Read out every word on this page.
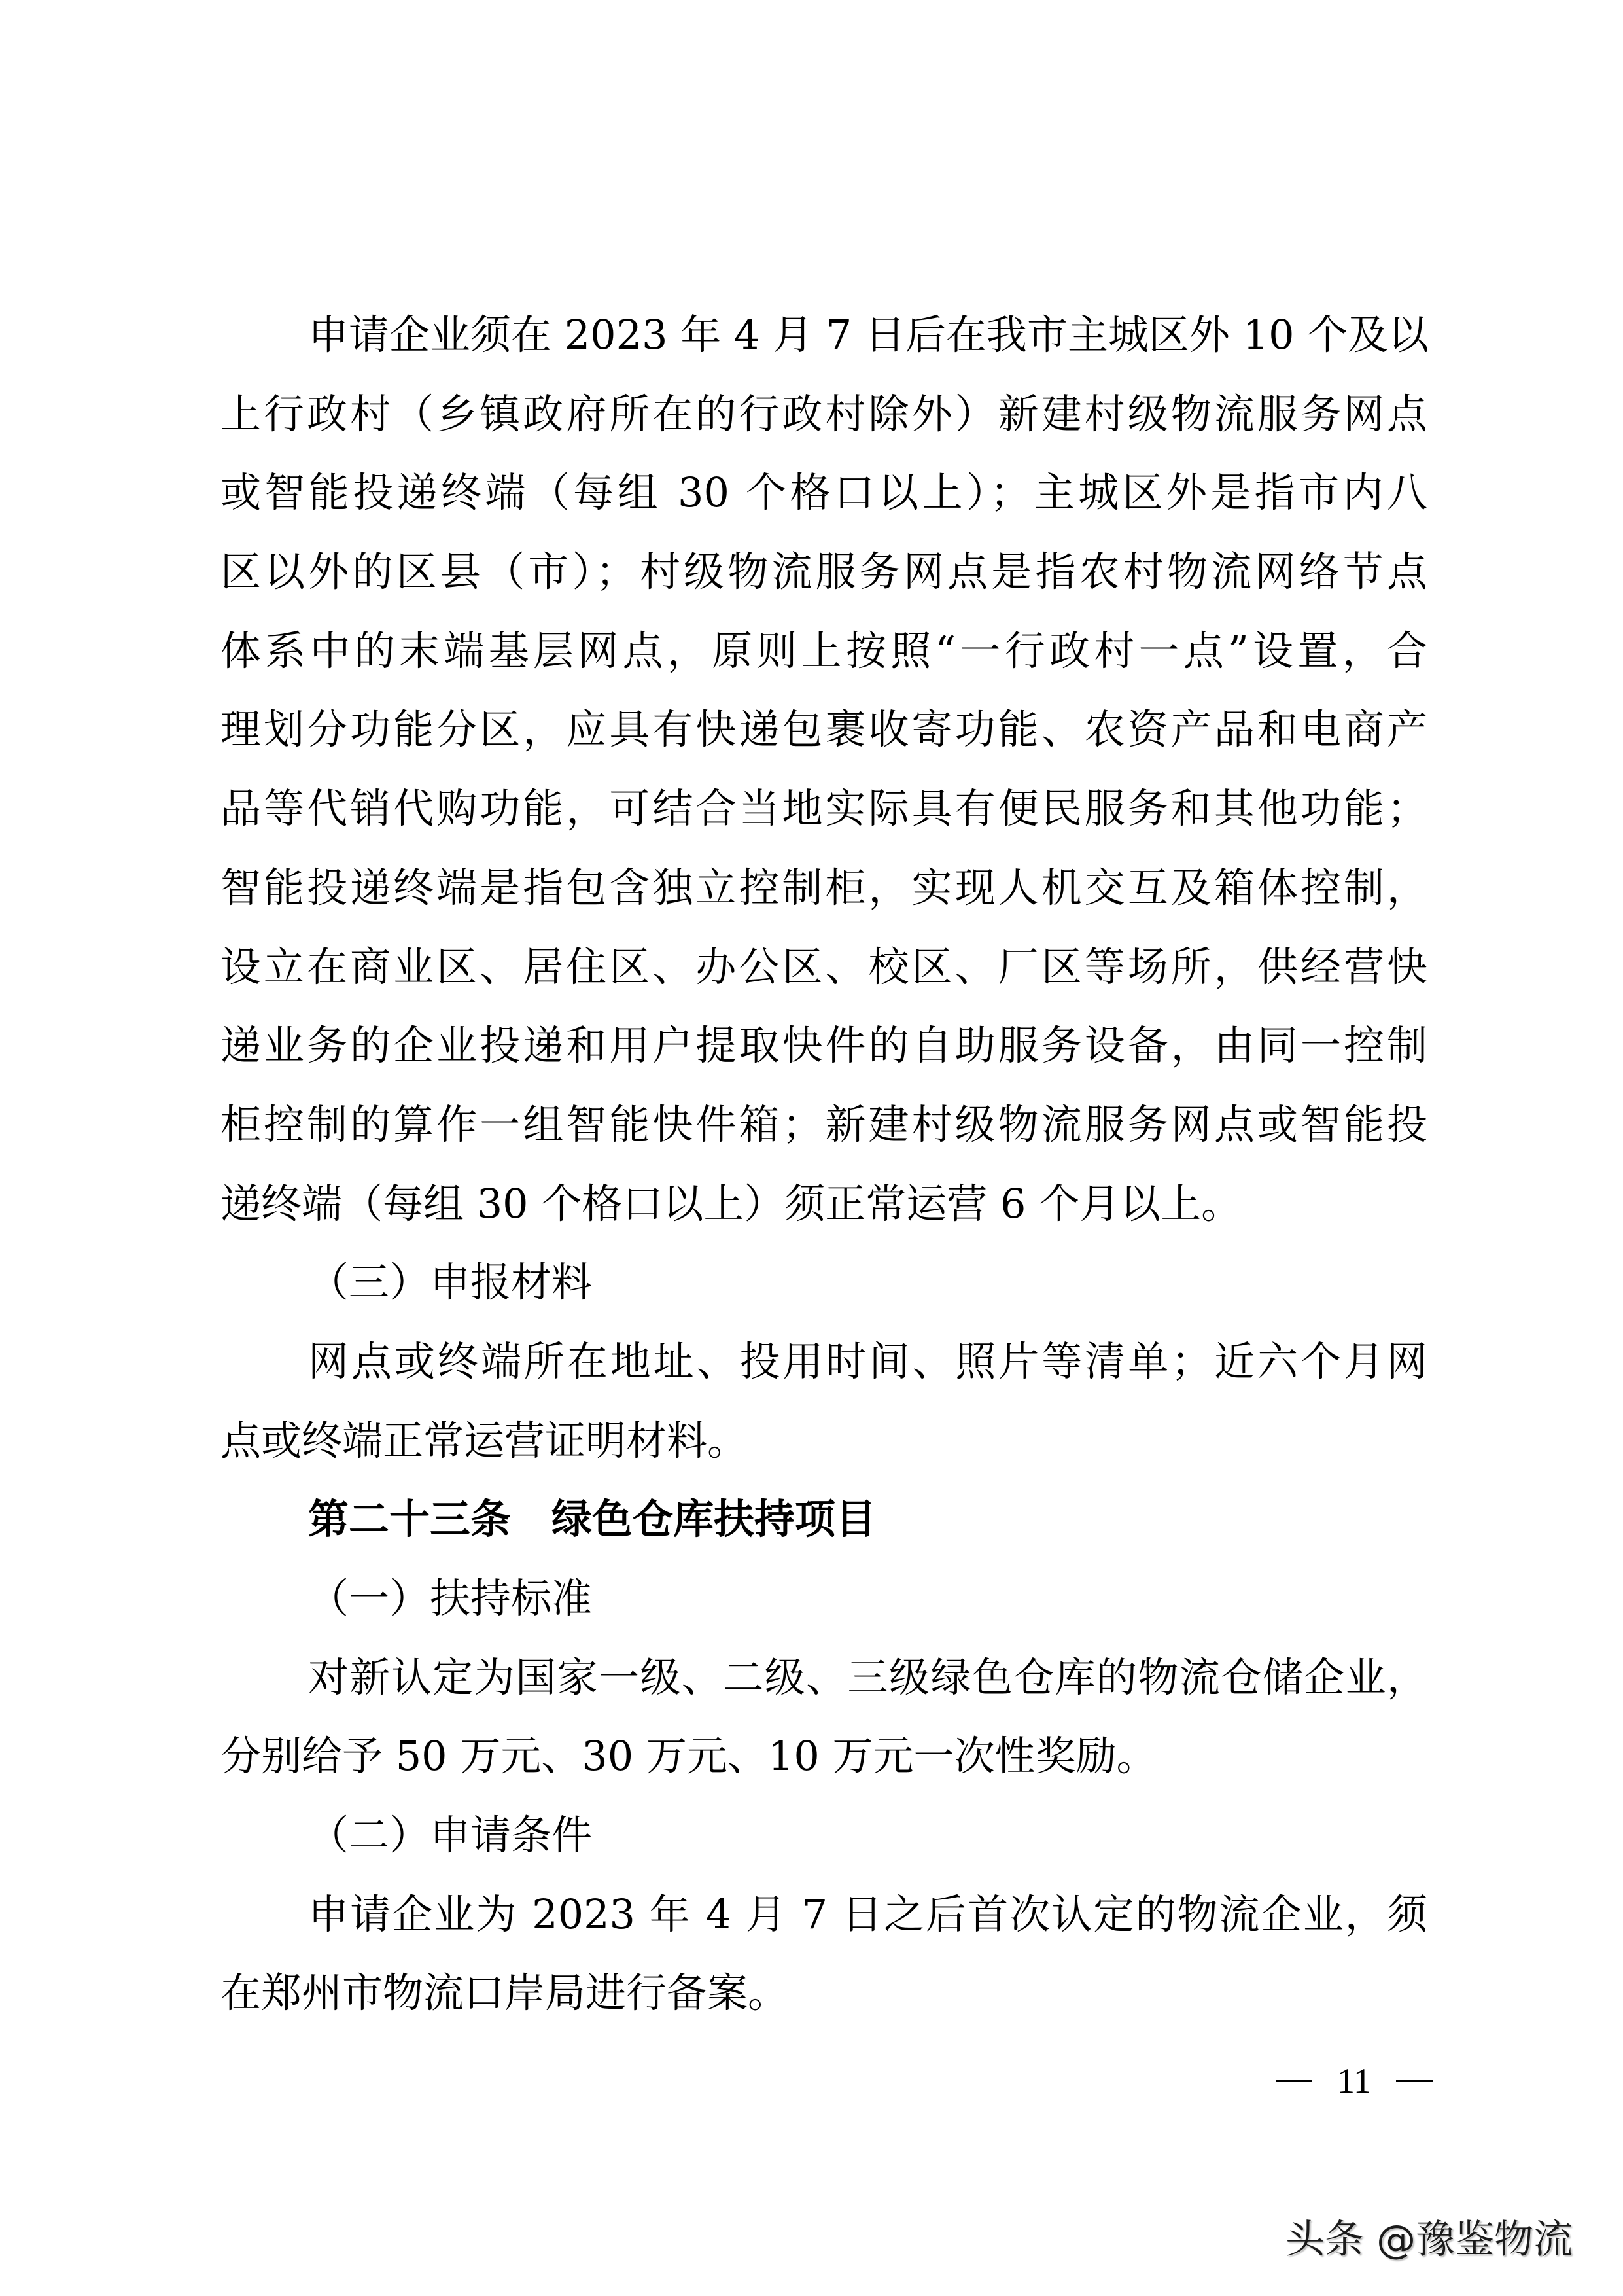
申请企业须在 2023 年 4 月 7 日后在我市主城区外 10 个及以
上行政村（乡镇政府所在的行政村除外）新建村级物流服务网点
或智能投递终端（每组 30 个格口以上）；主城区外是指市内八
区以外的区县（市）；村级物流服务网点是指农村物流网络节点
体系中的末端基层网点，原则上按照“一行政村一点”设置，合
理划分功能分区，应具有快递包裹收寄功能、农资产品和电商产
品等代销代购功能，可结合当地实际具有便民服务和其他功能；
智能投递终端是指包含独立控制柜，实现人机交互及箱体控制，
设立在商业区、居住区、办公区、校区、厂区等场所，供经营快
递业务的企业投递和用户提取快件的自助服务设备，由同一控制
柜控制的算作一组智能快件箱；新建村级物流服务网点或智能投
递终端（每组 30 个格口以上）须正常运营 6 个月以上。
（三）申报材料
网点或终端所在地址、投用时间、照片等清单；近六个月网
点或终端正常运营证明材料。
第二十三条　绿色仓库扶持项目
（一）扶持标准
对新认定为国家一级、二级、三级绿色仓库的物流仓储企业，
分别给予 50 万元、30 万元、10 万元一次性奖励。
（二）申请条件
申请企业为 2023 年 4 月 7 日之后首次认定的物流企业，须
在郑州市物流口岸局进行备案。
11
头条 @豫鉴物流
